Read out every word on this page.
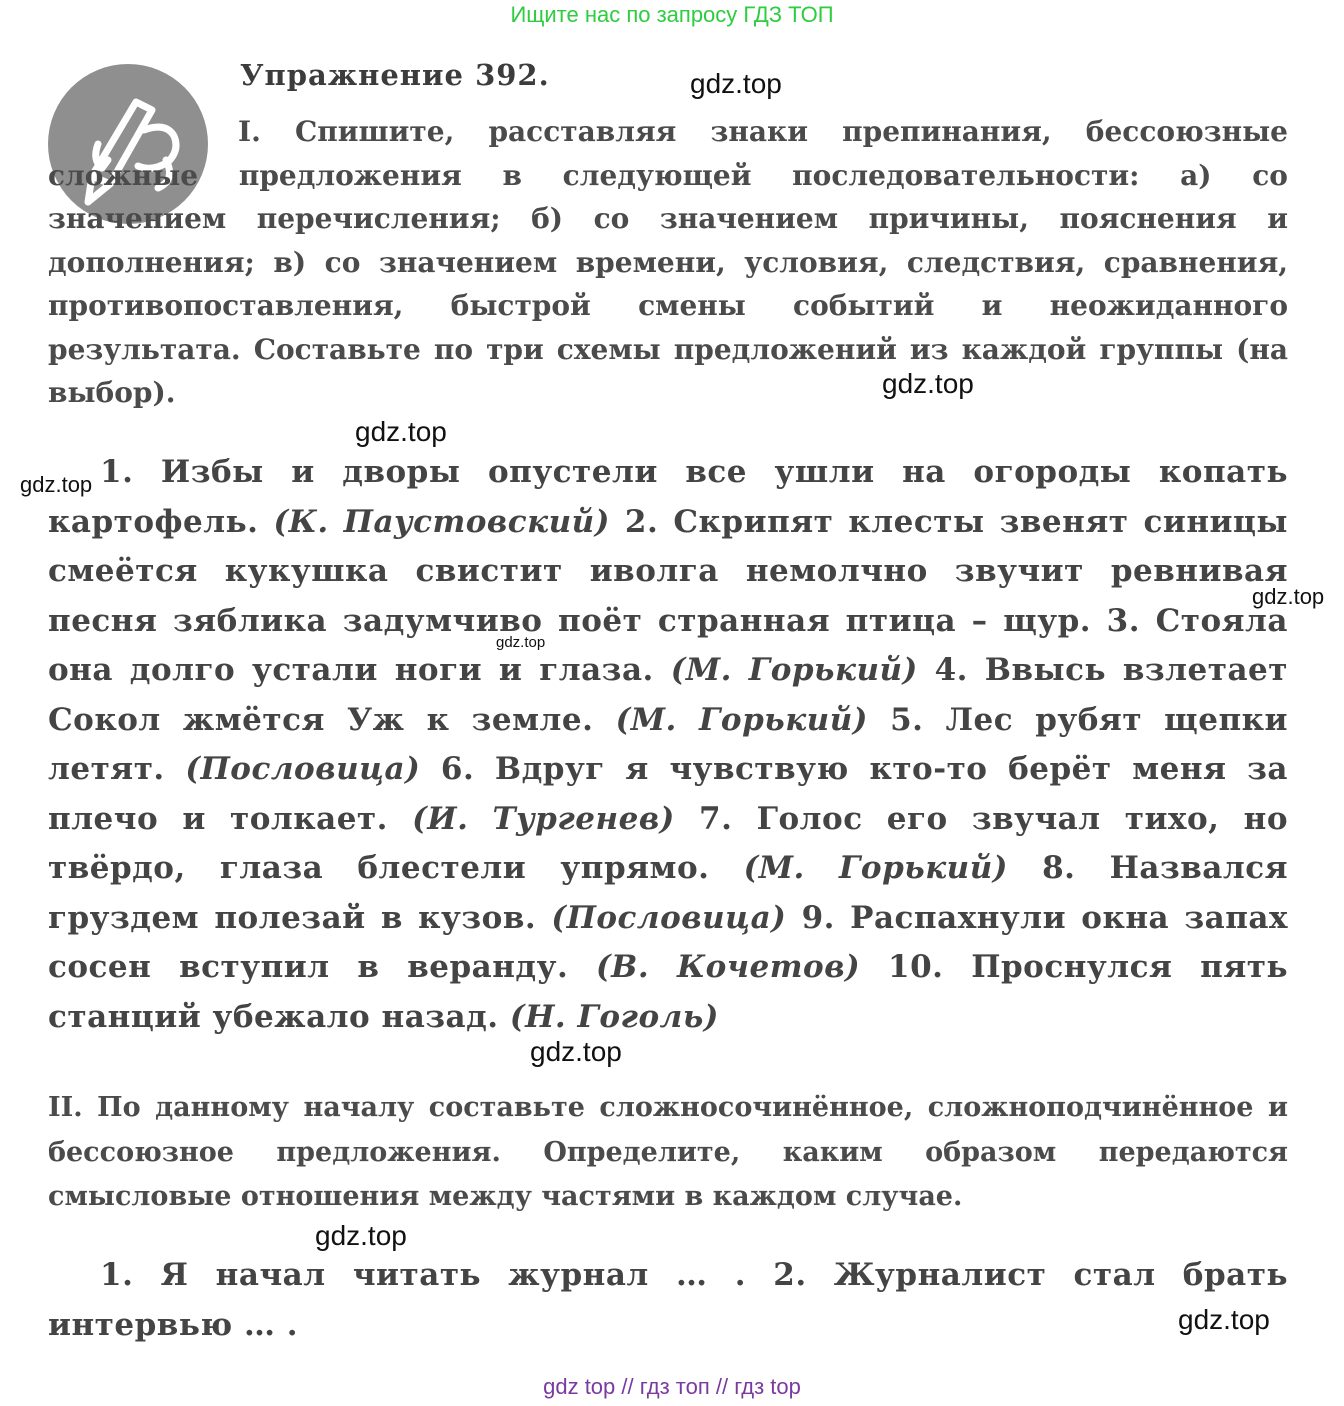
Ищите нас по запросу ГДЗ ТОП
Упражнение 392.
I. Спишите, расставляя знаки препинания, бессоюзные сложные предложения в следующей последовательности: а) со значением перечисления; б) со значением причины, пояснения и дополнения; в) со значением времени, условия, следствия, сравнения, противопоставления, быстрой смены событий и неожиданного результата. Составьте по три схемы предложений из каждой группы (на выбор).
1. Избы и дворы опустели все ушли на огороды копать картофель. (К. Паустовский) 2. Скрипят клесты звенят синицы смеётся кукушка свистит иволга немолчно звучит ревнивая песня зяблика задумчиво поёт странная птица – щур. 3. Стояла она долго устали ноги и глаза. (М. Горький) 4. Ввысь взлетает Сокол жмётся Уж к земле. (М. Горький) 5. Лес рубят щепки летят. (Пословица) 6. Вдруг я чувствую кто-то берёт меня за плечо и толкает. (И. Тургенев) 7. Голос его звучал тихо, но твёрдо, глаза блестели упрямо. (М. Горький) 8. Назвался груздем полезай в кузов. (Пословица) 9. Распахнули окна запах сосен вступил в веранду. (В. Кочетов) 10. Проснулся пять станций убежало назад. (Н. Гоголь)
II. По данному началу составьте сложносочинённое, сложноподчинённое и бессоюзное предложения. Определите, каким образом передаются смысловые отношения между частями в каждом случае.
1. Я начал читать журнал … . 2. Журналист стал брать интервью … .
gdz.top
gdz.top
gdz.top
gdz.top
gdz.top
gdz.top
gdz.top
gdz.top
gdz.top
gdz top // гдз топ // гдз top
